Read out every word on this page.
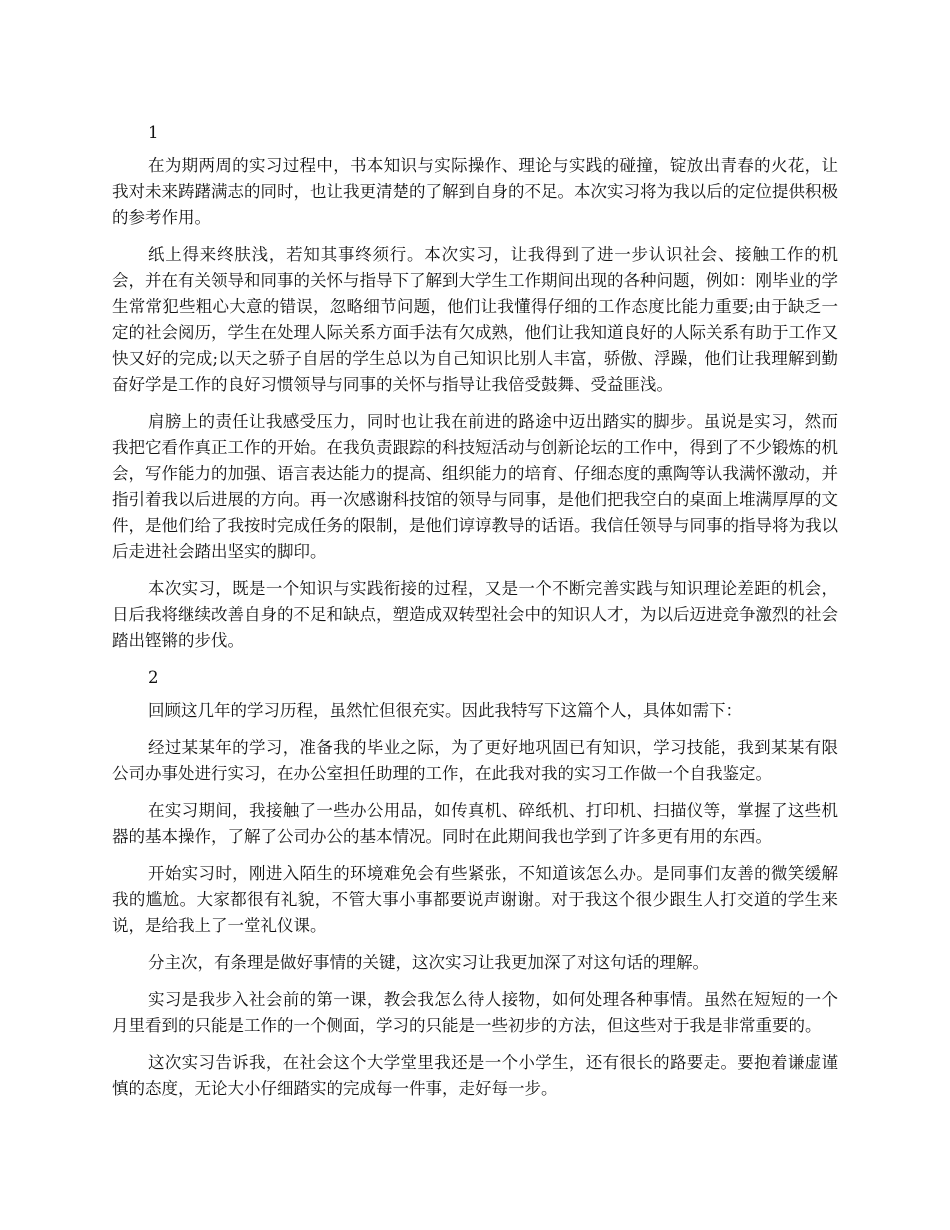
1

在为期两周的实习过程中，书本知识与实际操作、理论与实践的碰撞，锭放出青春的火花，让我对未来踌躇满志的同时，也让我更清楚的了解到自身的不足。本次实习将为我以后的定位提供积极的参考作用。

纸上得来终肤浅，若知其事终须行。本次实习，让我得到了进一步认识社会、接触工作的机会，并在有关领导和同事的关怀与指导下了解到大学生工作期间出现的各种问题，例如：刚毕业的学生常常犯些粗心大意的错误，忽略细节问题，他们让我懂得仔细的工作态度比能力重要;由于缺乏一定的社会阅历，学生在处理人际关系方面手法有欠成熟，他们让我知道良好的人际关系有助于工作又快又好的完成;以天之骄子自居的学生总以为自己知识比别人丰富，骄傲、浮躁，他们让我理解到勤奋好学是工作的良好习惯领导与同事的关怀与指导让我倍受鼓舞、受益匪浅。

肩膀上的责任让我感受压力，同时也让我在前进的路途中迈出踏实的脚步。虽说是实习，然而我把它看作真正工作的开始。在我负责跟踪的科技短活动与创新论坛的工作中，得到了不少锻炼的机会，写作能力的加强、语言表达能力的提高、组织能力的培育、仔细态度的熏陶等认我满怀激动，并指引着我以后进展的方向。再一次感谢科技馆的领导与同事，是他们把我空白的桌面上堆满厚厚的文件，是他们给了我按时完成任务的限制，是他们谆谆教导的话语。我信任领导与同事的指导将为我以后走进社会踏出坚实的脚印。

本次实习，既是一个知识与实践衔接的过程，又是一个不断完善实践与知识理论差距的机会，日后我将继续改善自身的不足和缺点，塑造成双转型社会中的知识人才，为以后迈进竞争激烈的社会踏出铿锵的步伐。

2

回顾这几年的学习历程，虽然忙但很充实。因此我特写下这篇个人，具体如需下：

经过某某年的学习，准备我的毕业之际，为了更好地巩固已有知识，学习技能，我到某某有限公司办事处进行实习，在办公室担任助理的工作，在此我对我的实习工作做一个自我鉴定。

在实习期间，我接触了一些办公用品，如传真机、碎纸机、打印机、扫描仪等，掌握了这些机器的基本操作，了解了公司办公的基本情况。同时在此期间我也学到了许多更有用的东西。

开始实习时，刚进入陌生的环境难免会有些紧张，不知道该怎么办。是同事们友善的微笑缓解我的尴尬。大家都很有礼貌，不管大事小事都要说声谢谢。对于我这个很少跟生人打交道的学生来说，是给我上了一堂礼仪课。

分主次，有条理是做好事情的关键，这次实习让我更加深了对这句话的理解。

实习是我步入社会前的第一课，教会我怎么待人接物，如何处理各种事情。虽然在短短的一个月里看到的只能是工作的一个侧面，学习的只能是一些初步的方法，但这些对于我是非常重要的。

这次实习告诉我，在社会这个大学堂里我还是一个小学生，还有很长的路要走。要抱着谦虚谨慎的态度，无论大小仔细踏实的完成每一件事，走好每一步。
